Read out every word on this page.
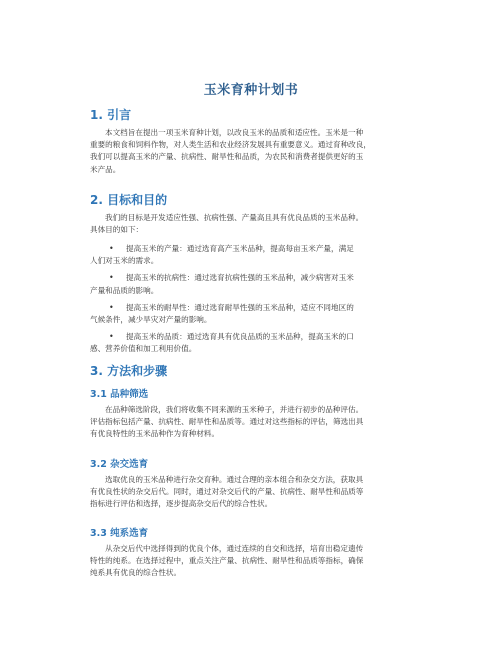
玉米育种计划书
1. 引言
本文档旨在提出一项玉米育种计划，以改良玉米的品质和适应性。玉米是一种
重要的粮食和饲料作物，对人类生活和农业经济发展具有重要意义。通过育种改良，
我们可以提高玉米的产量、抗病性、耐旱性和品质，为农民和消费者提供更好的玉
米产品。
2. 目标和目的
我们的目标是开发适应性强、抗病性强、产量高且具有优良品质的玉米品种。
具体目的如下：
•	提高玉米的产量：通过选育高产玉米品种，提高每亩玉米产量，满足
人们对玉米的需求。
•	提高玉米的抗病性：通过选育抗病性强的玉米品种，减少病害对玉米
产量和品质的影响。
•	提高玉米的耐旱性：通过选育耐旱性强的玉米品种，适应不同地区的
气候条件，减少旱灾对产量的影响。
•	提高玉米的品质：通过选育具有优良品质的玉米品种，提高玉米的口
感、营养价值和加工利用价值。
3. 方法和步骤
3.1 品种筛选
在品种筛选阶段，我们将收集不同来源的玉米种子，并进行初步的品种评估。
评估指标包括产量、抗病性、耐旱性和品质等。通过对这些指标的评估，筛选出具
有优良特性的玉米品种作为育种材料。
3.2 杂交选育
选取优良的玉米品种进行杂交育种。通过合理的亲本组合和杂交方法，获取具
有优良性状的杂交后代。同时，通过对杂交后代的产量、抗病性、耐旱性和品质等
指标进行评估和选择，逐步提高杂交后代的综合性状。
3.3 纯系选育
从杂交后代中选择得到的优良个体，通过连续的自交和选择，培育出稳定遗传
特性的纯系。在选择过程中，重点关注产量、抗病性、耐旱性和品质等指标，确保
纯系具有优良的综合性状。
